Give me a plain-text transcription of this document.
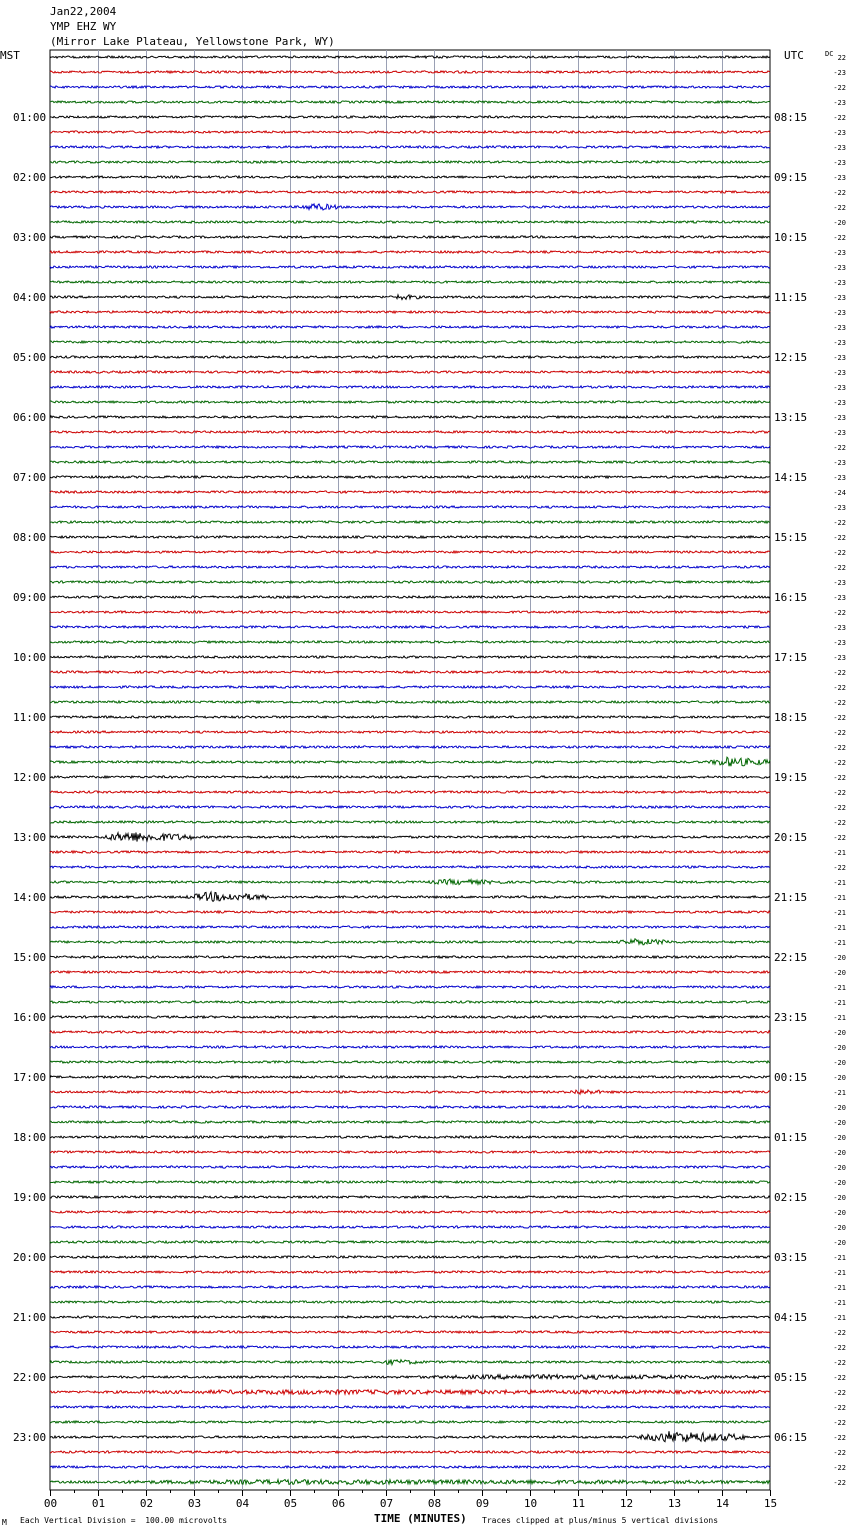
Jan22,2004
YMP EHZ WY
(Mirror Lake Plateau, Yellowstone Park, WY)
MST	UTC
00	01	02	03	04	05	06	07	08	09	10	11	12	13	14	15
22
-23
-22
-23
-22
01:00	08:15
-23
-23
-23
-23
02:00	09:15
-22
-22
-20
-22
03:00	10:15
-23
-23
-23
-23
04:00	11:15
-23
-23
-23
-23
05:00	12:15
-23
-23
-23
-23
06:00	13:15
-23
-22
-23
-23
07:00	14:15
-24
-23
-22
-22
08:00	15:15
-22
-22
-23
-23
09:00	16:15
-22
-23
-23
-23
10:00	17:15
-22
-22
-22
-22
11:00	18:15
-22
-22
-22
-22
12:00	19:15
-22
-22
-22
-22
13:00	20:15
-21
-22
-21
-21
14:00	21:15
-21
-21
-21
-20
15:00	22:15
-20
-21
-21
-21
16:00	23:15
-20
-20
-20
-20
17:00	00:15
-21
-20
-20
-20
18:00	01:15
-20
-20
-20
-20
19:00	02:15
-20
-20
-20
-21
20:00	03:15
-21
-21
-21
-21
21:00	04:15
-22
-22
-22
-22
22:00	05:15
-22
-22
-22
-22
23:00	06:15
-22
-22
-22
DC
M Each Vertical Division =  100.00 microvolts	TIME (MINUTES) Traces clipped at plus/minus 5 vertical divisions
